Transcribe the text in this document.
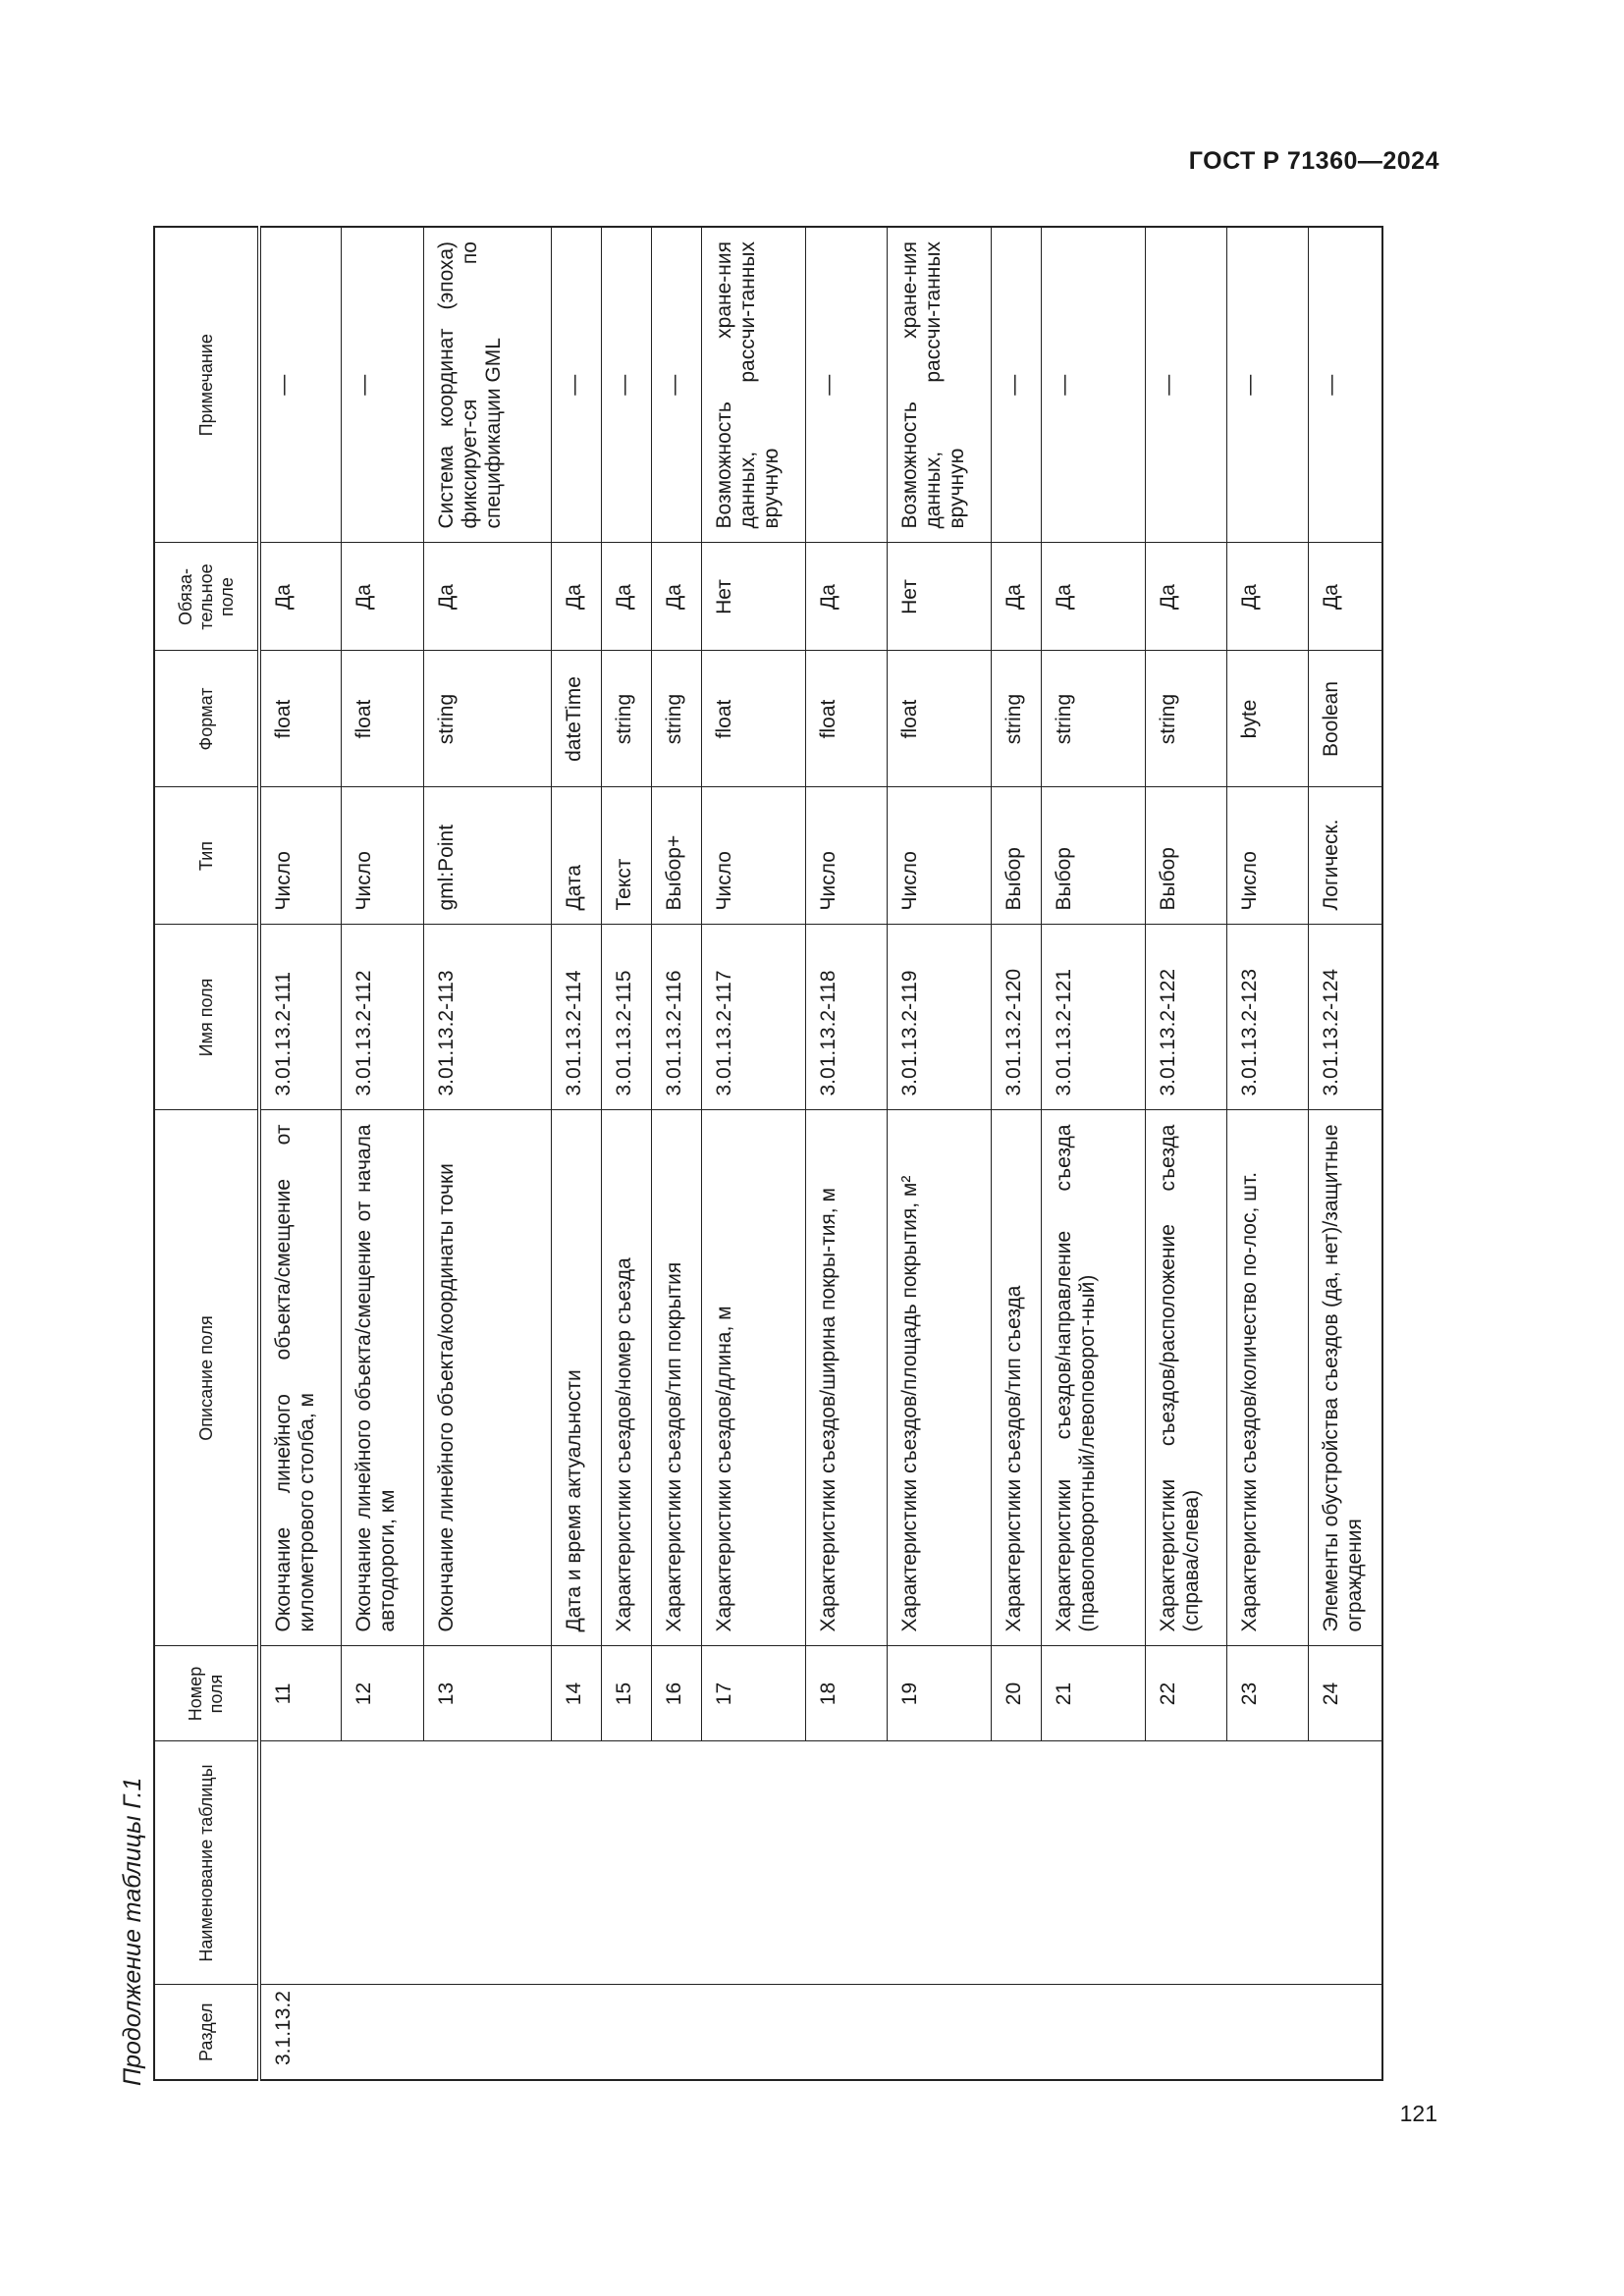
ГОСТ Р 71360—2024
121
Продолжение таблицы Г.1	Раздел	Наименование таблицы	Номер поля	Описание поля	Имя поля	Тип	Формат	Обяза-тельное поле	Примечание
3.1.13.2		11	Окончание линейного объекта/смещение от километрового столба, м	3.01.13.2-111	Число	float	Да	—
		12	Окончание линейного объекта/смещение от начала автодороги, км	3.01.13.2-112	Число	float	Да	—
		13	Окончание линейного объекта/координаты точки	3.01.13.2-113	gml:Point	string	Да	Система координат (эпоха) фиксирует-ся по спецификации GML
		14	Дата и время актуальности	3.01.13.2-114	Дата	dateTime	Да	—
		15	Характеристики съездов/номер съезда	3.01.13.2-115	Текст	string	Да	—
		16	Характеристики съездов/тип покрытия	3.01.13.2-116	Выбор+	string	Да	—
		17	Характеристики съездов/длина, м	3.01.13.2-117	Число	float	Нет	Возможность хране-ния данных, рассчи-танных вручную
		18	Характеристики съездов/ширина покры-тия, м	3.01.13.2-118	Число	float	Да	—
		19	Характеристики съездов/площадь покрытия, м²	3.01.13.2-119	Число	float	Нет	Возможность хране-ния данных, рассчи-танных вручную
		20	Характеристики съездов/тип съезда	3.01.13.2-120	Выбор	string	Да	—
		21	Характеристики съездов/направление съезда (правоповоротный/левоповорот-ный)	3.01.13.2-121	Выбор	string	Да	—
		22	Характеристики съездов/расположение съезда (справа/слева)	3.01.13.2-122	Выбор	string	Да	—
		23	Характеристики съездов/количество по-лос, шт.	3.01.13.2-123	Число	byte	Да	—
		24	Элементы обустройства съездов (да, нет)/защитные ограждения	3.01.13.2-124	Логическ.	Boolean	Да	—
